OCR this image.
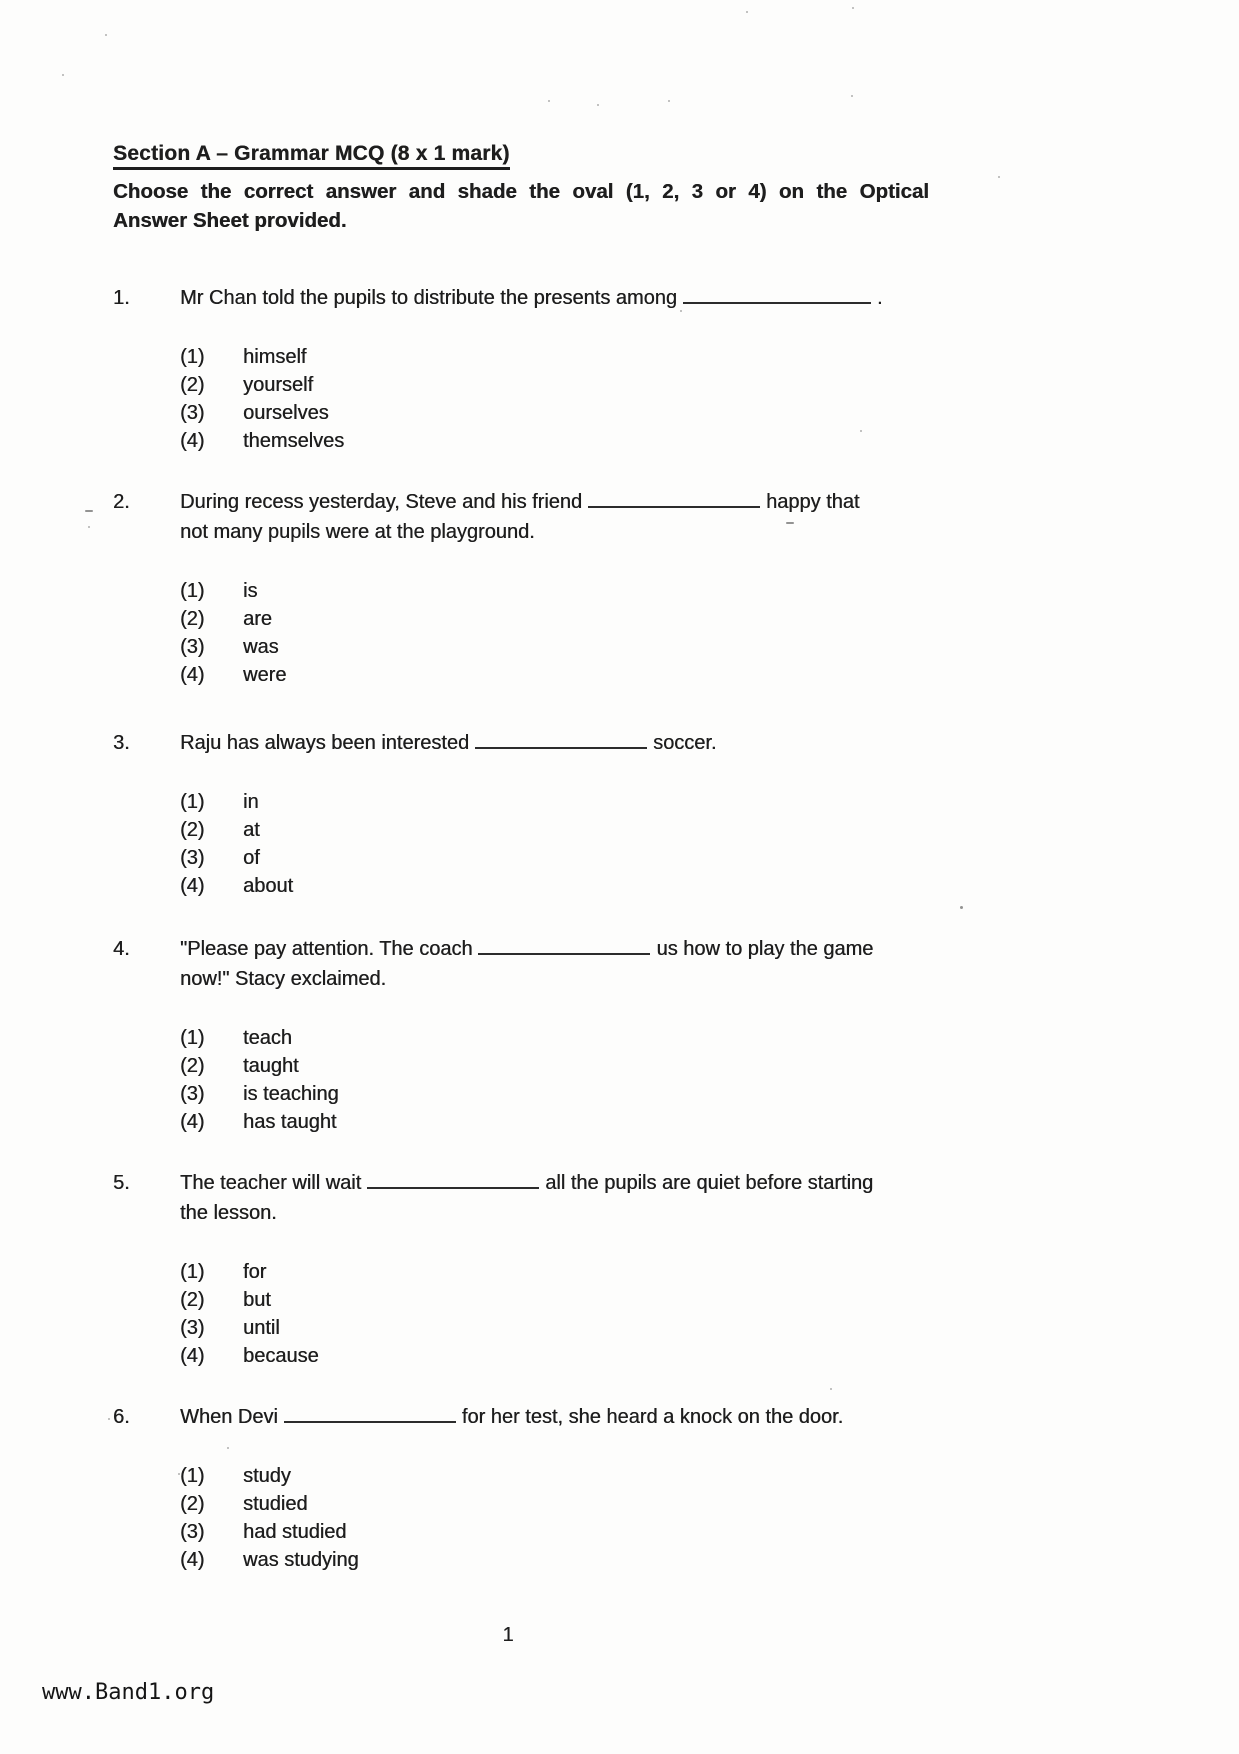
Section A – Grammar MCQ (8 x 1 mark)
Choose the correct answer and shade the oval (1, 2, 3 or 4) on the Optical
Answer Sheet provided.
1.	Mr Chan told the pupils to distribute the presents among	.
(1)	himself
(2)	yourself
(3)	ourselves
(4)	themselves
2.	During recess yesterday, Steve and his friend	happy that
not many pupils were at the playground.
(1)	is
(2)	are
(3)	was
(4)	were
3.	Raju has always been interested	soccer.
(1)	in
(2)	at
(3)	of
(4)	about
4.	"Please pay attention. The coach	us how to play the game
now!" Stacy exclaimed.
(1)	teach
(2)	taught
(3)	is teaching
(4)	has taught
5.	The teacher will wait	all the pupils are quiet before starting
the lesson.
(1)	for
(2)	but
(3)	until
(4)	because
6.	When Devi	for her test, she heard a knock on the door.
(1)	study
(2)	studied
(3)	had studied
(4)	was studying
1
www.Band1.org
